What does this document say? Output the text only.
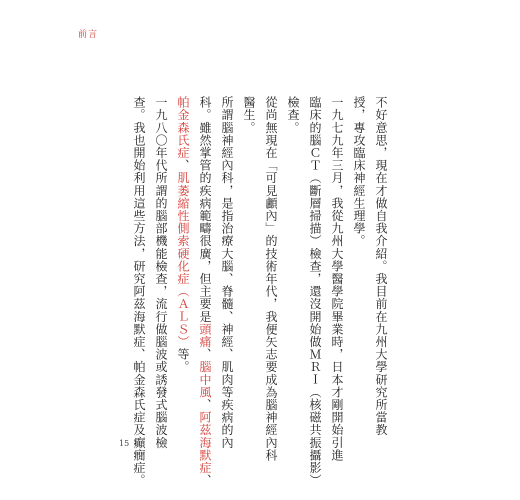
前言
不好意思，現在才做自我介紹。我目前在九州大學研究所當教
授，專攻臨床神經生理學。
一九七九年三月，我從九州大學醫學院畢業時，日本才剛開始引進
臨床的腦ＣＴ（斷層掃描）檢查，還沒開始做ＭＲＩ（核磁共振攝影）
檢查。
從尚無現在「可見顱內」的技術年代，我便矢志要成為腦神經內科
醫生。
所謂腦神經內科，是指治療大腦、脊髓、神經、肌肉等疾病的內
科。雖然掌管的疾病範疇很廣，但主要是頭痛、腦中風、阿茲海默症、
帕金森氏症、肌萎縮性側索硬化症（ＡＬＳ）等。
一九八〇年代所謂的腦部機能檢查，流行做腦波或誘發式腦波檢
查。我也開始利用這些方法，研究阿茲海默症、帕金森氏症及癲癇症。
15
